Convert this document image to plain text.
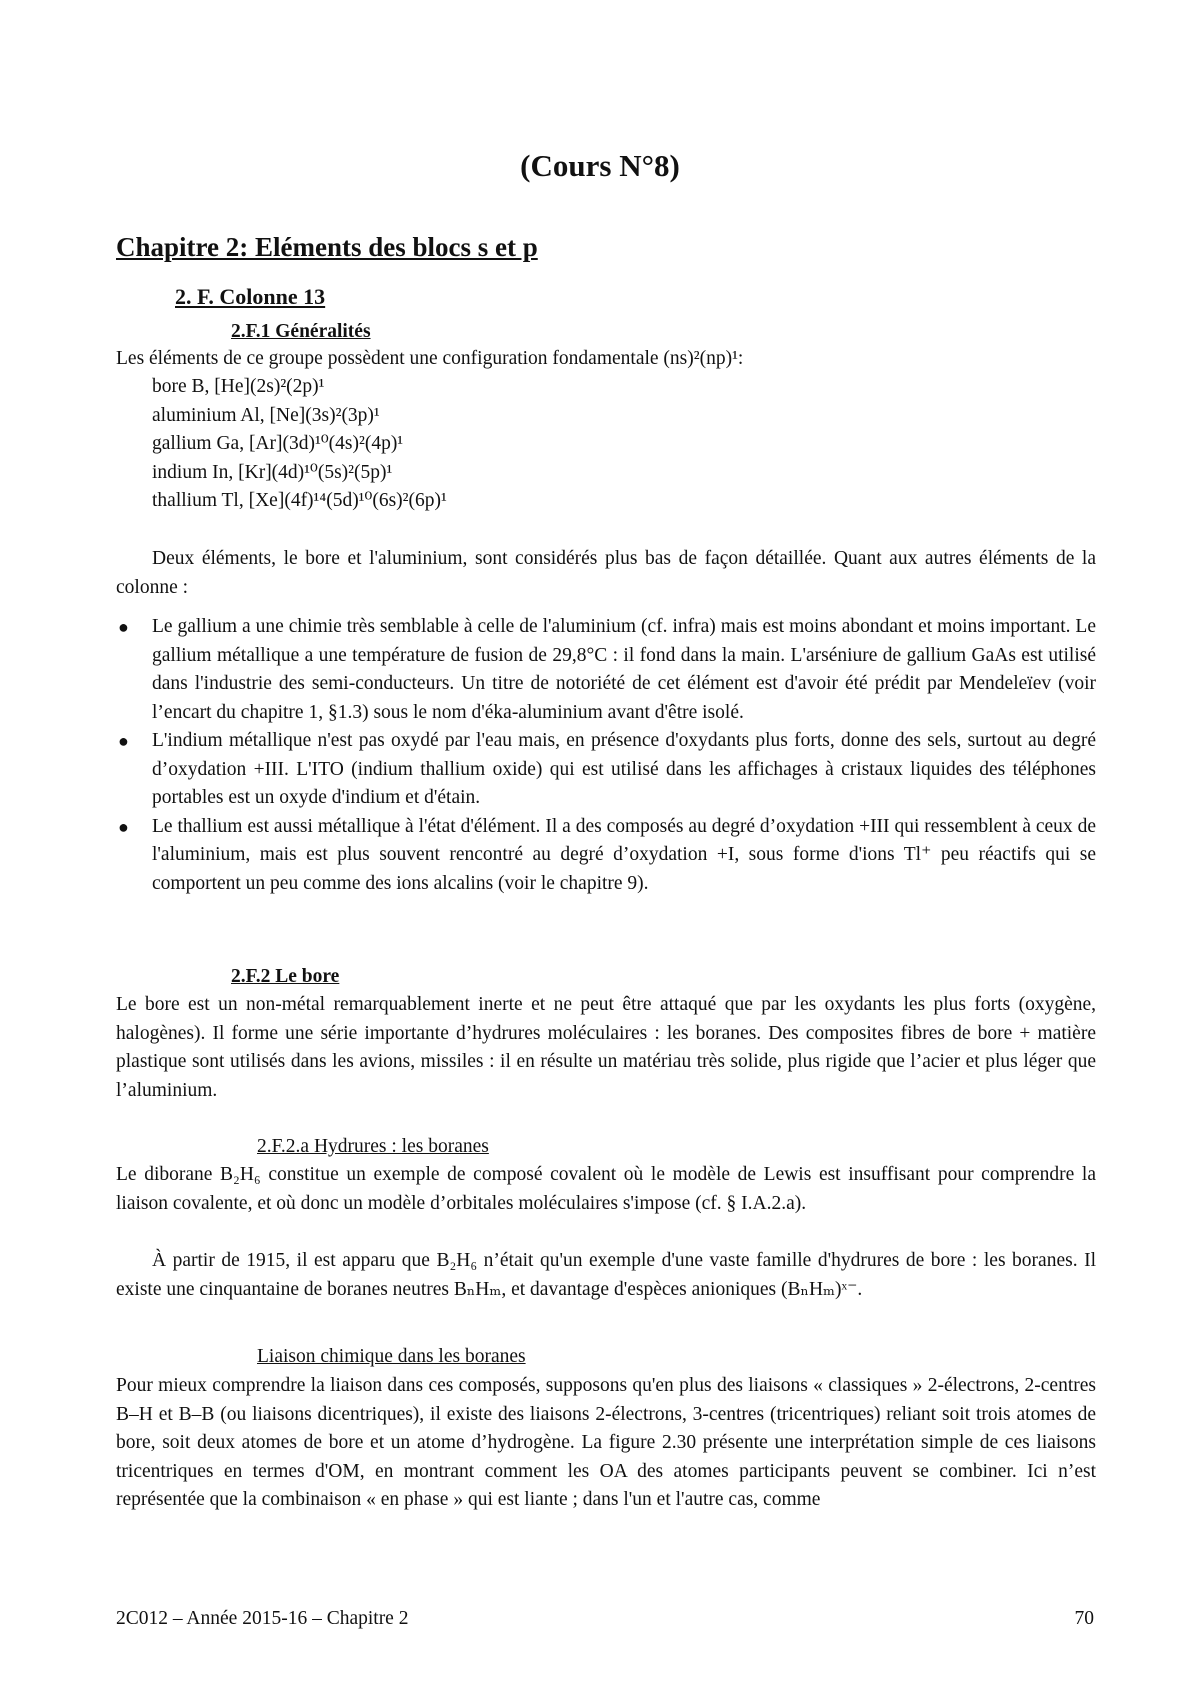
(Cours N°8)
Chapitre 2: Eléments des blocs s et p
2. F. Colonne 13
2.F.1 Généralités
Les éléments de ce groupe possèdent une configuration fondamentale (ns)²(np)¹:
bore B, [He](2s)²(2p)¹
aluminium Al, [Ne](3s)²(3p)¹
gallium Ga, [Ar](3d)¹⁰(4s)²(4p)¹
indium In, [Kr](4d)¹⁰(5s)²(5p)¹
thallium Tl, [Xe](4f)¹⁴(5d)¹⁰(6s)²(6p)¹
Deux éléments, le bore et l'aluminium, sont considérés plus bas de façon détaillée. Quant aux autres éléments de la colonne :
● Le gallium a une chimie très semblable à celle de l'aluminium (cf. infra) mais est moins abondant et moins important. Le gallium métallique a une température de fusion de 29,8°C : il fond dans la main. L'arséniure de gallium GaAs est utilisé dans l'industrie des semi-conducteurs. Un titre de notoriété de cet élément est d'avoir été prédit par Mendeleïev (voir l’encart du chapitre 1, §1.3) sous le nom d'éka-aluminium avant d'être isolé.
● L'indium métallique n'est pas oxydé par l'eau mais, en présence d'oxydants plus forts, donne des sels, surtout au degré d’oxydation +III. L'ITO (indium thallium oxide) qui est utilisé dans les affichages à cristaux liquides des téléphones portables est un oxyde d'indium et d'étain.
● Le thallium est aussi métallique à l'état d'élément. Il a des composés au degré d’oxydation +III qui ressemblent à ceux de l'aluminium, mais est plus souvent rencontré au degré d’oxydation +I, sous forme d'ions Tl⁺ peu réactifs qui se comportent un peu comme des ions alcalins (voir le chapitre 9).
2.F.2 Le bore
Le bore est un non-métal remarquablement inerte et ne peut être attaqué que par les oxydants les plus forts (oxygène, halogènes). Il forme une série importante d’hydrures moléculaires : les boranes. Des composites fibres de bore + matière plastique sont utilisés dans les avions, missiles : il en résulte un matériau très solide, plus rigide que l’acier et plus léger que l’aluminium.
2.F.2.a Hydrures : les boranes
Le diborane B₂H₆ constitue un exemple de composé covalent où le modèle de Lewis est insuffisant pour comprendre la liaison covalente, et où donc un modèle d’orbitales moléculaires s'impose (cf. § I.A.2.a).
À partir de 1915, il est apparu que B₂H₆ n’était qu'un exemple d'une vaste famille d'hydrures de bore : les boranes. Il existe une cinquantaine de boranes neutres BₙHₘ, et davantage d'espèces anioniques (BₙHₘ)ˣ⁻.
Liaison chimique dans les boranes
Pour mieux comprendre la liaison dans ces composés, supposons qu'en plus des liaisons « classiques » 2-électrons, 2-centres B–H et B–B (ou liaisons dicentriques), il existe des liaisons 2-électrons, 3-centres (tricentriques) reliant soit trois atomes de bore, soit deux atomes de bore et un atome d’hydrogène. La figure 2.30 présente une interprétation simple de ces liaisons tricentriques en termes d'OM, en montrant comment les OA des atomes participants peuvent se combiner. Ici n’est représentée que la combinaison « en phase » qui est liante ; dans l'un et l'autre cas, comme
2C012 – Année 2015-16 – Chapitre 2	70
